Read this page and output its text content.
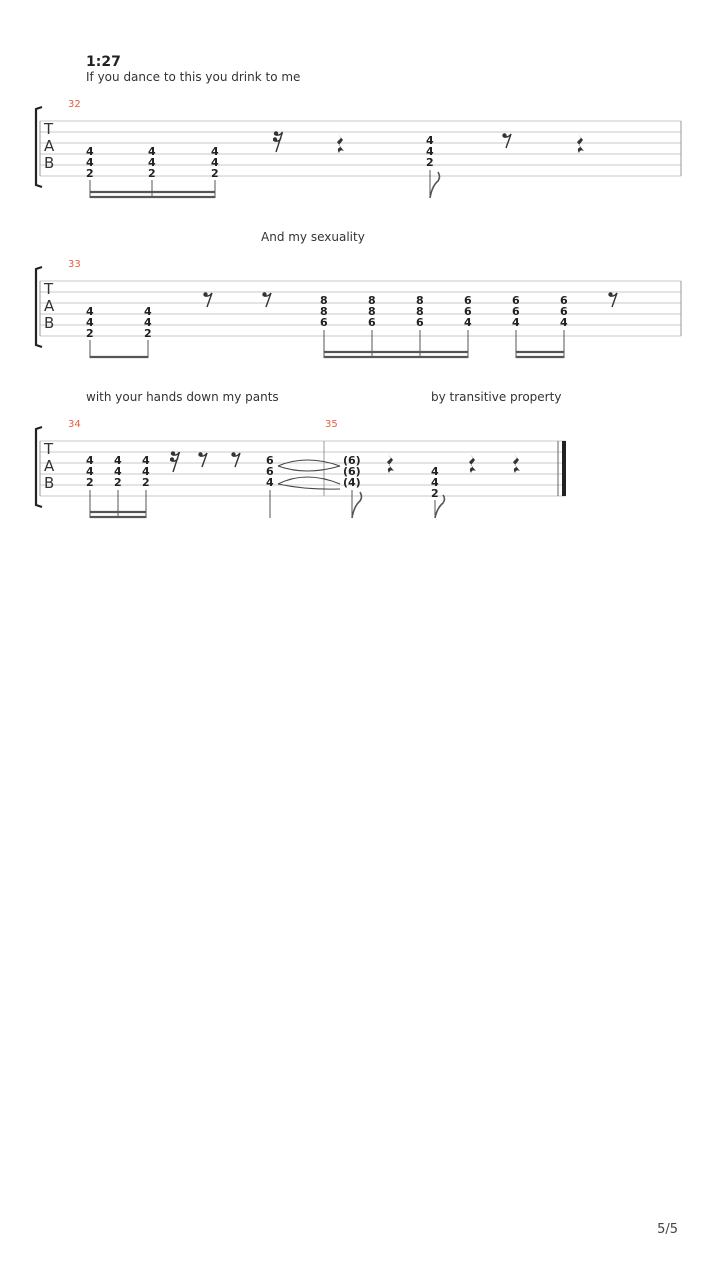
1:27
If you dance to this you drink to me
And my sexuality
with your hands down my pants	by transitive property
T
A
B
32
4
4
2
4
4
2
4
4
2
4
4
2
T
A
B
33
4
4
2
4
4
2
8
8
6
8
8
6
8
8
6
6
6
4
6
6
4
6
6
4
T
A
B
34	35
4
4
2
4
4
2
4
4
2
6
6
4
(6)
(6)
(4)
4
4
2
5/5
